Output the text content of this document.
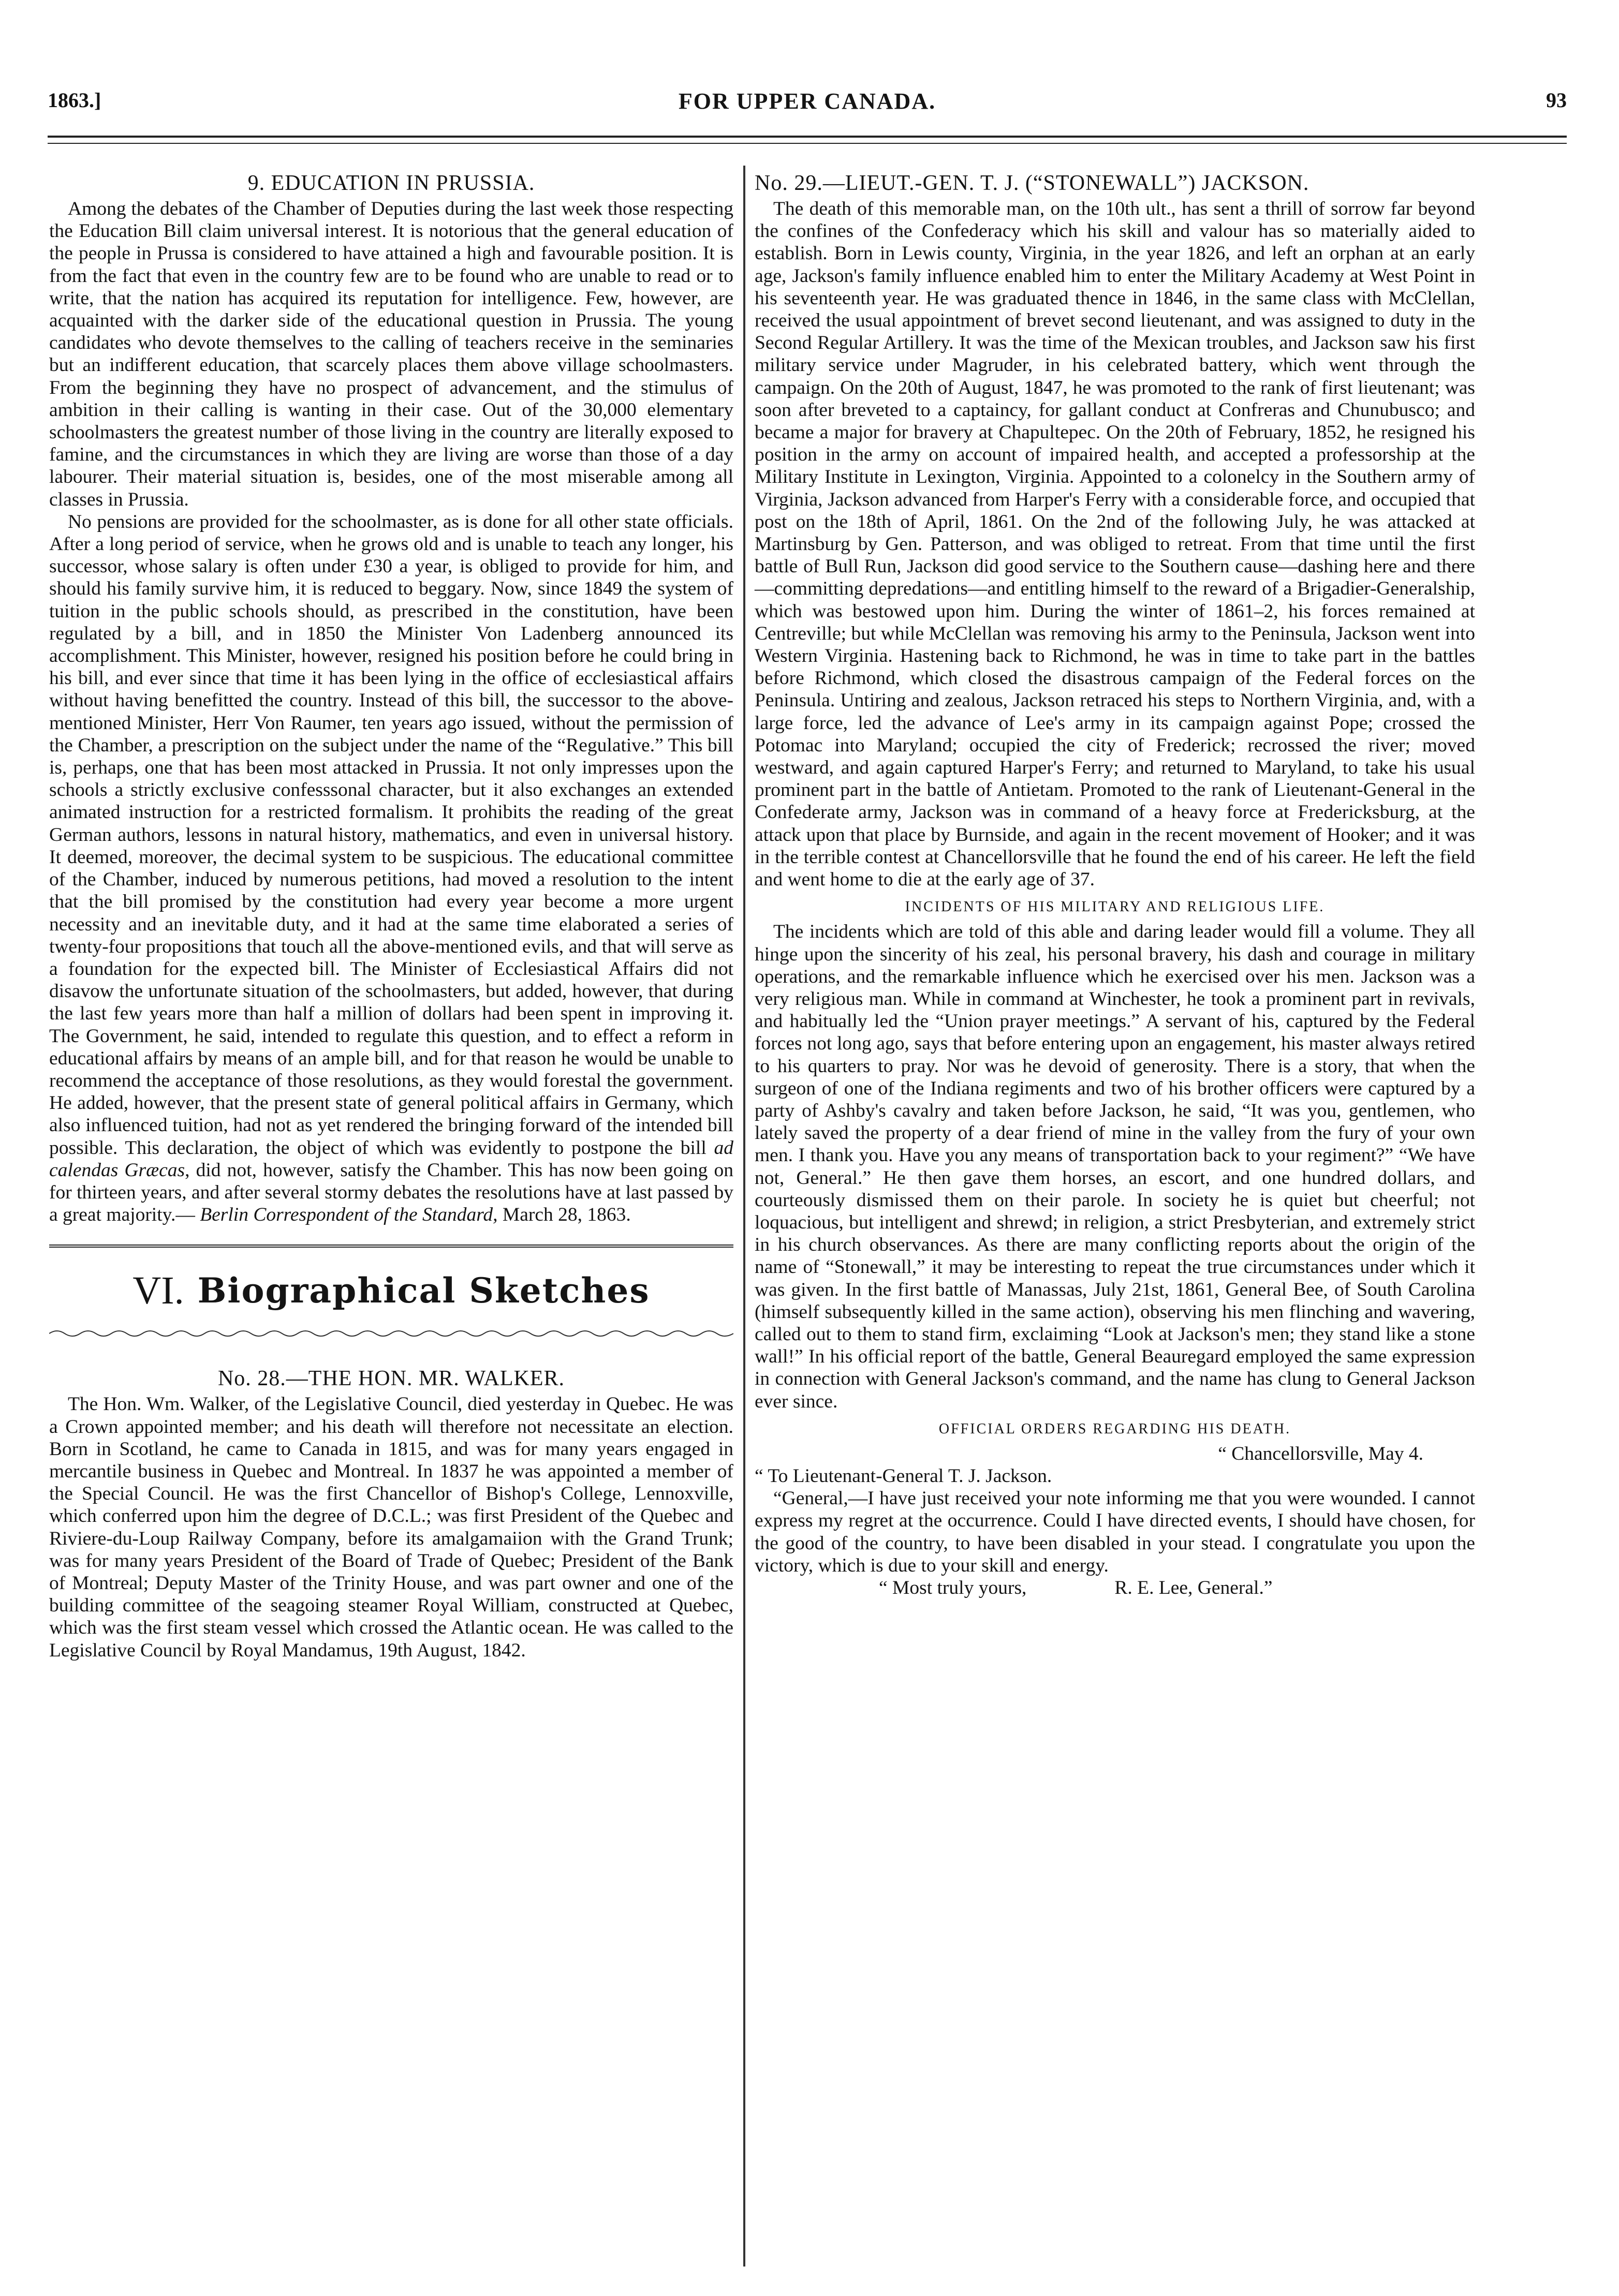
1863.]	FOR UPPER CANADA.	93
9. EDUCATION IN PRUSSIA.

Among the debates of the Chamber of Deputies during the last week those respecting the Education Bill claim universal interest. It is notorious that the general education of the people in Prussa is considered to have attained a high and favourable position. It is from the fact that even in the country few are to be found who are unable to read or to write, that the nation has acquired its reputation for intelligence. Few, however, are acquainted with the darker side of the educational question in Prussia. The young candidates who devote themselves to the calling of teachers receive in the seminaries but an indifferent education, that scarcely places them above village schoolmasters. From the beginning they have no prospect of advancement, and the stimulus of ambition in their calling is wanting in their case. Out of the 30,000 elementary schoolmasters the greatest number of those living in the country are literally exposed to famine, and the circumstances in which they are living are worse than those of a day labourer. Their material situation is, besides, one of the most miserable among all classes in Prussia.

No pensions are provided for the schoolmaster, as is done for all other state officials. After a long period of service, when he grows old and is unable to teach any longer, his successor, whose salary is often under £30 a year, is obliged to provide for him, and should his family survive him, it is reduced to beggary. Now, since 1849 the system of tuition in the public schools should, as prescribed in the constitution, have been regulated by a bill, and in 1850 the Minister Von Ladenberg announced its accomplishment. This Minister, however, resigned his position before he could bring in his bill, and ever since that time it has been lying in the office of ecclesiastical affairs without having benefitted the country. Instead of this bill, the successor to the above-mentioned Minister, Herr Von Raumer, ten years ago issued, without the permission of the Chamber, a prescription on the subject under the name of the “Regulative.” This bill is, perhaps, one that has been most attacked in Prussia. It not only impresses upon the schools a strictly exclusive confesssonal character, but it also exchanges an extended animated instruction for a restricted formalism. It prohibits the reading of the great German authors, lessons in natural history, mathematics, and even in universal history. It deemed, moreover, the decimal system to be suspicious. The educational committee of the Chamber, induced by numerous petitions, had moved a resolution to the intent that the bill promised by the constitution had every year become a more urgent necessity and an inevitable duty, and it had at the same time elaborated a series of twenty-four propositions that touch all the above-mentioned evils, and that will serve as a foundation for the expected bill. The Minister of Ecclesiastical Affairs did not disavow the unfortunate situation of the schoolmasters, but added, however, that during the last few years more than half a million of dollars had been spent in improving it. The Government, he said, intended to regulate this question, and to effect a reform in educational affairs by means of an ample bill, and for that reason he would be unable to recommend the acceptance of those resolutions, as they would forestal the government. He added, however, that the present state of general political affairs in Germany, which also influenced tuition, had not as yet rendered the bringing forward of the intended bill possible. This declaration, the object of which was evidently to postpone the bill ad calendas Græcas, did not, however, satisfy the Chamber. This has now been going on for thirteen years, and after several stormy debates the resolutions have at last passed by a great majority.— Berlin Correspondent of the Standard, March 28, 1863.

VI. Biographical Sketches
No. 28.—THE HON. MR. WALKER.

The Hon. Wm. Walker, of the Legislative Council, died yesterday in Quebec. He was a Crown appointed member; and his death will therefore not necessitate an election. Born in Scotland, he came to Canada in 1815, and was for many years engaged in mercantile business in Quebec and Montreal. In 1837 he was appointed a member of the Special Council. He was the first Chancellor of Bishop's College, Lennoxville, which conferred upon him the degree of D.C.L.; was first President of the Quebec and Riviere-du-Loup Railway Company, before its amalgamaiion with the Grand Trunk; was for many years President of the Board of Trade of Quebec; President of the Bank of Montreal; Deputy Master of the Trinity House, and was part owner and one of the building committee of the seagoing steamer Royal William, constructed at Quebec, which was the first steam vessel which crossed the Atlantic ocean. He was called to the Legislative Council by Royal Mandamus, 19th August, 1842.

No. 29.—LIEUT.-GEN. T. J. (“STONEWALL”) JACKSON.

The death of this memorable man, on the 10th ult., has sent a thrill of sorrow far beyond the confines of the Confederacy which his skill and valour has so materially aided to establish. Born in Lewis county, Virginia, in the year 1826, and left an orphan at an early age, Jackson's family influence enabled him to enter the Military Academy at West Point in his seventeenth year. He was graduated thence in 1846, in the same class with McClellan, received the usual appointment of brevet second lieutenant, and was assigned to duty in the Second Regular Artillery. It was the time of the Mexican troubles, and Jackson saw his first military service under Magruder, in his celebrated battery, which went through the campaign. On the 20th of August, 1847, he was promoted to the rank of first lieutenant; was soon after breveted to a captaincy, for gallant conduct at Confreras and Chunubusco; and became a major for bravery at Chapultepec. On the 20th of February, 1852, he resigned his position in the army on account of impaired health, and accepted a professorship at the Military Institute in Lexington, Virginia. Appointed to a colonelcy in the Southern army of Virginia, Jackson advanced from Harper's Ferry with a considerable force, and occupied that post on the 18th of April, 1861. On the 2nd of the following July, he was attacked at Martinsburg by Gen. Patterson, and was obliged to retreat. From that time until the first battle of Bull Run, Jackson did good service to the Southern cause—dashing here and there—committing depredations—and entitling himself to the reward of a Brigadier-Generalship, which was bestowed upon him. During the winter of 1861–2, his forces remained at Centreville; but while McClellan was removing his army to the Peninsula, Jackson went into Western Virginia. Hastening back to Richmond, he was in time to take part in the battles before Richmond, which closed the disastrous campaign of the Federal forces on the Peninsula. Untiring and zealous, Jackson retraced his steps to Northern Virginia, and, with a large force, led the advance of Lee's army in its campaign against Pope; crossed the Potomac into Maryland; occupied the city of Frederick; recrossed the river; moved westward, and again captured Harper's Ferry; and returned to Maryland, to take his usual prominent part in the battle of Antietam. Promoted to the rank of Lieutenant-General in the Confederate army, Jackson was in command of a heavy force at Fredericksburg, at the attack upon that place by Burnside, and again in the recent movement of Hooker; and it was in the terrible contest at Chancellorsville that he found the end of his career. He left the field and went home to die at the early age of 37.

INCIDENTS OF HIS MILITARY AND RELIGIOUS LIFE.

The incidents which are told of this able and daring leader would fill a volume. They all hinge upon the sincerity of his zeal, his personal bravery, his dash and courage in military operations, and the remarkable influence which he exercised over his men. Jackson was a very religious man. While in command at Winchester, he took a prominent part in revivals, and habitually led the “Union prayer meetings.” A servant of his, captured by the Federal forces not long ago, says that before entering upon an engagement, his master always retired to his quarters to pray. Nor was he devoid of generosity. There is a story, that when the surgeon of one of the Indiana regiments and two of his brother officers were captured by a party of Ashby's cavalry and taken before Jackson, he said, “It was you, gentlemen, who lately saved the property of a dear friend of mine in the valley from the fury of your own men. I thank you. Have you any means of transportation back to your regiment?” “We have not, General.” He then gave them horses, an escort, and one hundred dollars, and courteously dismissed them on their parole. In society he is quiet but cheerful; not loquacious, but intelligent and shrewd; in religion, a strict Presbyterian, and extremely strict in his church observances. As there are many conflicting reports about the origin of the name of “Stonewall,” it may be interesting to repeat the true circumstances under which it was given. In the first battle of Manassas, July 21st, 1861, General Bee, of South Carolina (himself subsequently killed in the same action), observing his men flinching and wavering, called out to them to stand firm, exclaiming “Look at Jackson's men; they stand like a stone wall!” In his official report of the battle, General Beauregard employed the same expression in connection with General Jackson's command, and the name has clung to General Jackson ever since.

OFFICIAL ORDERS REGARDING HIS DEATH.

“ Chancellorsville, May 4.

“ To Lieutenant-General T. J. Jackson.

“General,—I have just received your note informing me that you were wounded. I cannot express my regret at the occurrence. Could I have directed events, I should have chosen, for the good of the country, to have been disabled in your stead. I congratulate you upon the victory, which is due to your skill and energy.

“ Most truly yours,	R. E. Lee, General.”
